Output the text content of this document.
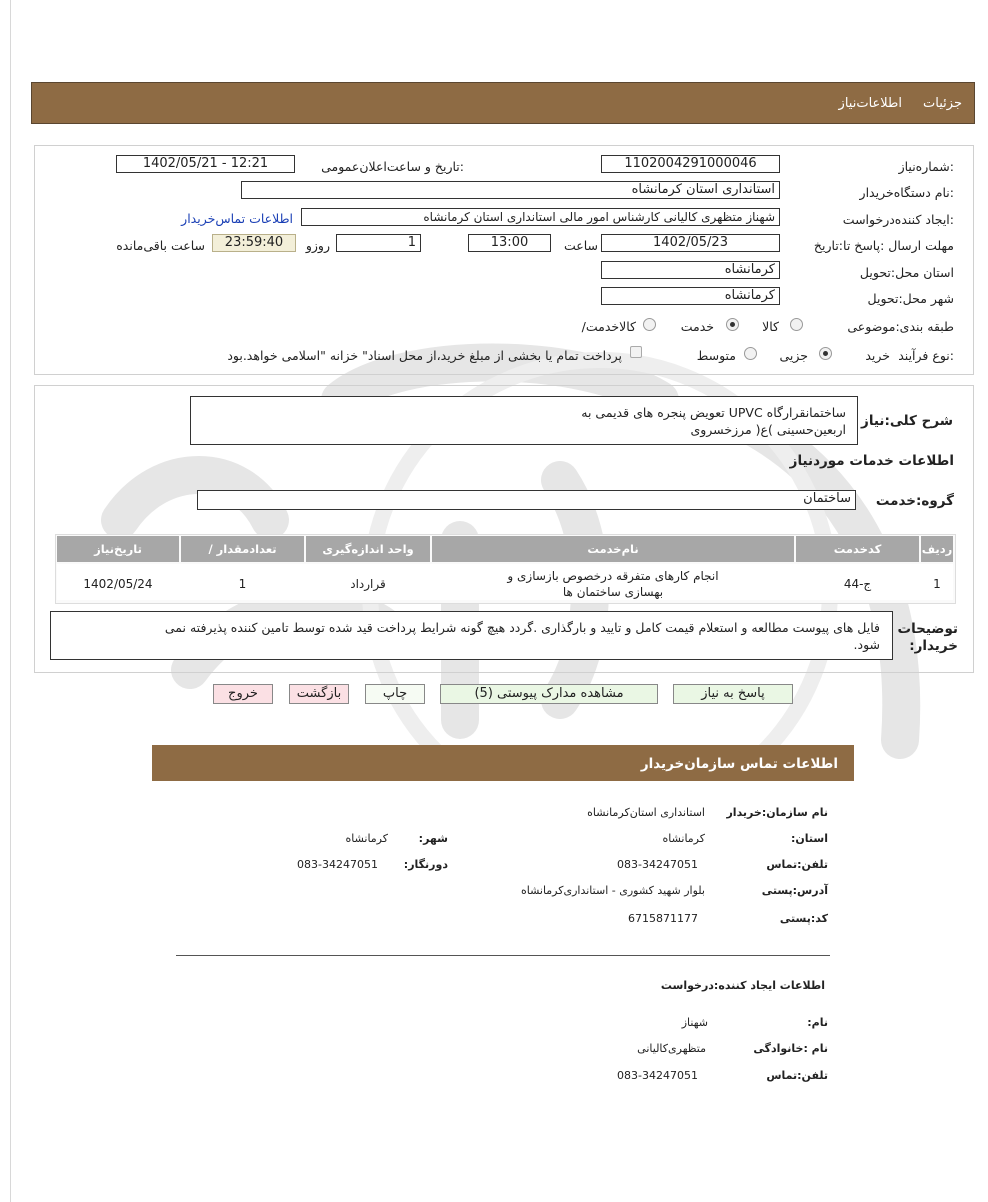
جزئیات
اطلاعات‌نیاز
شماره‌نیاز:
1102004291000046
تاریخ و ساعت‌اعلان‌عمومی:
1402/05/21 - 12:21
نام دستگاه‌خریدار:
استانداری استان کرمانشاه
ایجاد کننده‌درخواست:
شهناز متظهری کالیانی کارشناس امور مالی استانداری استان کرمانشاه
اطلاعات تماس‌خریدار
مهلت ارسال :پاسخ تا:تاریخ
1402/05/23
ساعت
13:00
1
روزو
23:59:40
ساعت باقی‌مانده
استان محل:تحویل
کرمانشاه
شهر محل:تحویل
کرمانشاه
طبقه بندی:موضوعی
کالا
خدمت
/کالاخدمت
نوع فرآیند:
خرید
جزیی
متوسط
پرداخت تمام یا بخشی از مبلغ خرید،از محل اسناد" خزانه "اسلامی خواهد.بود
شرح کلی:نیاز
تعویض پنجره های قدیمی به UPVC ساختمانقرارگاه
اربعین‌حسینی )ع( مرزخسروی
اطلاعات خدمات موردنیاز
گروه:خدمت
ساختمان
ردیف
کدخدمت
نام‌خدمت
واحد اندازه‌گیری
/ تعدادمقدار
تاریخ‌نیاز
1
ج-44
انجام کارهای متفرقه درخصوص بازسازی و
بهسازی ساختمان ها
قرارداد
1
1402/05/24
توضیحات
:خریدار
فایل های پیوست مطالعه و استعلام قیمت کامل و تایید و بارگذاری .گردد هیچ گونه شرایط پرداخت قید شده توسط تامین کننده پذیرفته نمی
.شود
پاسخ به نیاز
مشاهده مدارک پیوستی (5)
چاپ
بازگشت
خروج
اطلاعات تماس سازمان‌خریدار
نام سازمان:خریدار
استانداری استان‌کرمانشاه
:استان
کرمانشاه
:شهر
کرمانشاه
تلفن:تماس
083-34247051
:دورنگار
083-34247051
آدرس:پستی
بلوار شهید کشوری - استانداری‌کرمانشاه
کد:پستی
6715871177
اطلاعات ایجاد کننده:درخواست
:نام
شهناز
نام :خانوادگی
متظهری‌کالیانی
تلفن:تماس
083-34247051
